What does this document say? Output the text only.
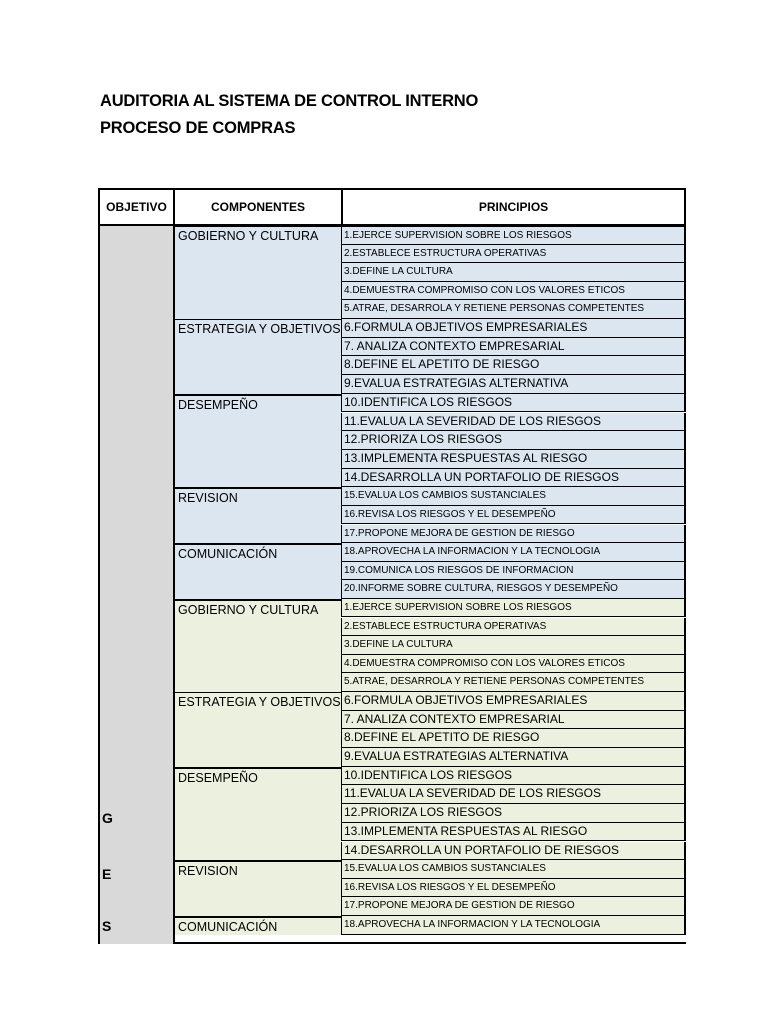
AUDITORIA AL SISTEMA DE CONTROL INTERNO
PROCESO DE COMPRAS
OBJETIVO	COMPONENTES	PRINCIPIOS
G
E
S
GOBIERNO Y CULTURA	1.EJERCE SUPERVISION SOBRE LOS RIESGOS
2.ESTABLECE ESTRUCTURA OPERATIVAS
3.DEFINE LA CULTURA
4.DEMUESTRA COMPROMISO CON LOS VALORES ETICOS
5.ATRAE, DESARROLA Y RETIENE PERSONAS COMPETENTES
ESTRATEGIA Y OBJETIVOS 6.FORMULA OBJETIVOS EMPRESARIALES
7. ANALIZA CONTEXTO EMPRESARIAL
8.DEFINE EL APETITO DE RIESGO
9.EVALUA ESTRATEGIAS ALTERNATIVA
DESEMPEÑO	10.IDENTIFICA LOS RIESGOS
11.EVALUA LA SEVERIDAD DE LOS RIESGOS
12.PRIORIZA LOS RIESGOS
13.IMPLEMENTA RESPUESTAS AL RIESGO
14.DESARROLLA UN PORTAFOLIO DE RIESGOS
REVISION	15.EVALUA LOS CAMBIOS SUSTANCIALES
16.REVISA LOS RIESGOS Y EL DESEMPEÑO
17.PROPONE MEJORA DE GESTION DE RIESGO
COMUNICACIÓN	18.APROVECHA LA INFORMACION Y LA TECNOLOGIA
19.COMUNICA LOS RIESGOS DE INFORMACION
20.INFORME SOBRE CULTURA, RIESGOS Y DESEMPEÑO
GOBIERNO Y CULTURA	1.EJERCE SUPERVISION SOBRE LOS RIESGOS
2.ESTABLECE ESTRUCTURA OPERATIVAS
3.DEFINE LA CULTURA
4.DEMUESTRA COMPROMISO CON LOS VALORES ETICOS
5.ATRAE, DESARROLA Y RETIENE PERSONAS COMPETENTES
ESTRATEGIA Y OBJETIVOS 6.FORMULA OBJETIVOS EMPRESARIALES
7. ANALIZA CONTEXTO EMPRESARIAL
8.DEFINE EL APETITO DE RIESGO
9.EVALUA ESTRATEGIAS ALTERNATIVA
DESEMPEÑO	10.IDENTIFICA LOS RIESGOS
11.EVALUA LA SEVERIDAD DE LOS RIESGOS
12.PRIORIZA LOS RIESGOS
13.IMPLEMENTA RESPUESTAS AL RIESGO
14.DESARROLLA UN PORTAFOLIO DE RIESGOS
REVISION	15.EVALUA LOS CAMBIOS SUSTANCIALES
16.REVISA LOS RIESGOS Y EL DESEMPEÑO
17.PROPONE MEJORA DE GESTION DE RIESGO
COMUNICACIÓN	18.APROVECHA LA INFORMACION Y LA TECNOLOGIA
